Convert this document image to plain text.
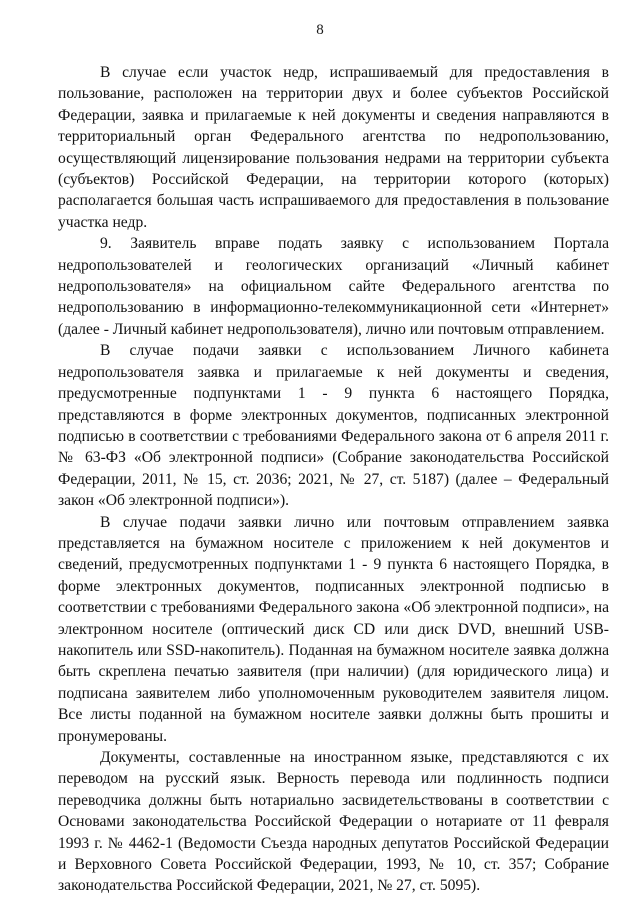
8

В случае если участок недр, испрашиваемый для предоставления в пользование, расположен на территории двух и более субъектов Российской Федерации, заявка и прилагаемые к ней документы и сведения направляются в территориальный орган Федерального агентства по недропользованию, осуществляющий лицензирование пользования недрами на территории субъекта (субъектов) Российской Федерации, на территории которого (которых) располагается большая часть испрашиваемого для предоставления в пользование участка недр.

9. Заявитель вправе подать заявку с использованием Портала недропользователей и геологических организаций «Личный кабинет недропользователя» на официальном сайте Федерального агентства по недропользованию в информационно-телекоммуникационной сети «Интернет» (далее - Личный кабинет недропользователя), лично или почтовым отправлением.

В случае подачи заявки с использованием Личного кабинета недропользователя заявка и прилагаемые к ней документы и сведения, предусмотренные подпунктами 1 - 9 пункта 6 настоящего Порядка, представляются в форме электронных документов, подписанных электронной подписью в соответствии с требованиями Федерального закона от 6 апреля 2011 г. № 63-ФЗ «Об электронной подписи» (Собрание законодательства Российской Федерации, 2011, № 15, ст. 2036; 2021, № 27, ст. 5187) (далее – Федеральный закон «Об электронной подписи»).

В случае подачи заявки лично или почтовым отправлением заявка представляется на бумажном носителе с приложением к ней документов и сведений, предусмотренных подпунктами 1 - 9 пункта 6 настоящего Порядка, в форме электронных документов, подписанных электронной подписью в соответствии с требованиями Федерального закона «Об электронной подписи», на электронном носителе (оптический диск CD или диск DVD, внешний USB-накопитель или SSD-накопитель). Поданная на бумажном носителе заявка должна быть скреплена печатью заявителя (при наличии) (для юридического лица) и подписана заявителем либо уполномоченным руководителем заявителя лицом. Все листы поданной на бумажном носителе заявки должны быть прошиты и пронумерованы.

Документы, составленные на иностранном языке, представляются с их переводом на русский язык. Верность перевода или подлинность подписи переводчика должны быть нотариально засвидетельствованы в соответствии с Основами законодательства Российской Федерации о нотариате от 11 февраля 1993 г. № 4462-1 (Ведомости Съезда народных депутатов Российской Федерации и Верховного Совета Российской Федерации, 1993, № 10, ст. 357; Собрание законодательства Российской Федерации, 2021, № 27, ст. 5095).
